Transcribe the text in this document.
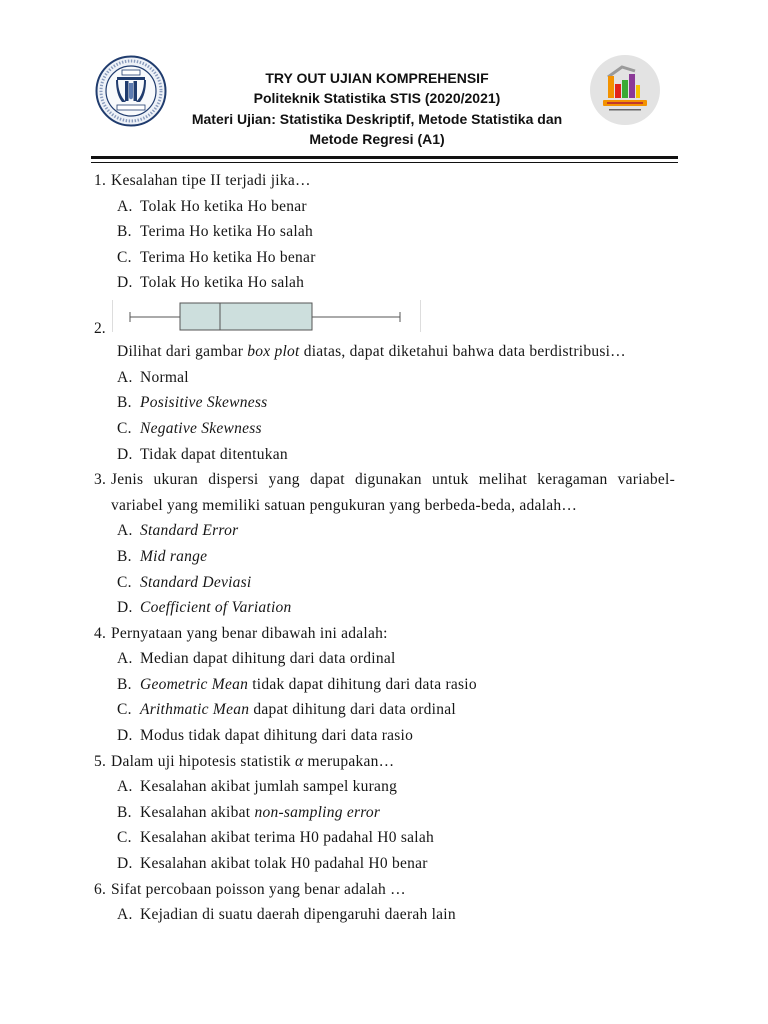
TRY OUT UJIAN KOMPREHENSIF
Politeknik Statistika STIS (2020/2021)
Materi Ujian: Statistika Deskriptif, Metode Statistika dan
Metode Regresi (A1)
1. Kesalahan tipe II terjadi jika…
A. Tolak Ho ketika Ho benar
B. Terima Ho ketika Ho salah
C. Terima Ho ketika Ho benar
D. Tolak Ho ketika Ho salah
2.
Dilihat dari gambar box plot diatas, dapat diketahui bahwa data berdistribusi…
A. Normal
B. Posisitive Skewness
C. Negative Skewness
D. Tidak dapat ditentukan
3. Jenis ukuran dispersi yang dapat digunakan untuk melihat keragaman variabel-
variabel yang memiliki satuan pengukuran yang berbeda-beda, adalah…
A. Standard Error
B. Mid range
C. Standard Deviasi
D. Coefficient of Variation
4. Pernyataan yang benar dibawah ini adalah:
A. Median dapat dihitung dari data ordinal
B. Geometric Mean tidak dapat dihitung dari data rasio
C. Arithmatic Mean dapat dihitung dari data ordinal
D. Modus tidak dapat dihitung dari data rasio
5. Dalam uji hipotesis statistik α merupakan…
A. Kesalahan akibat jumlah sampel kurang
B. Kesalahan akibat non-sampling error
C. Kesalahan akibat terima H0 padahal H0 salah
D. Kesalahan akibat tolak H0 padahal H0 benar
6. Sifat percobaan poisson yang benar adalah …
A. Kejadian di suatu daerah dipengaruhi daerah lain
